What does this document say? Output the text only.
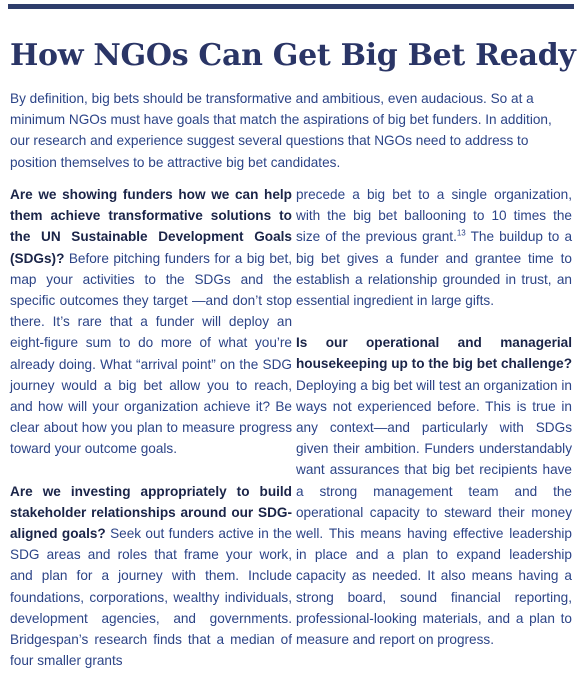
How NGOs Can Get Big Bet Ready

By definition, big bets should be transformative and ambitious, even audacious. So at a minimum NGOs must have goals that match the aspirations of big bet funders. In addition, our research and experience suggest several questions that NGOs need to address to position themselves to be attractive big bet candidates.

Are we showing funders how we can help them achieve transformative solutions to the UN Sustainable Development Goals (SDGs)? Before pitching funders for a big bet, map your activities to the SDGs and the specific outcomes they target —and don’t stop there. It’s rare that a funder will deploy an eight-figure sum to do more of what you’re already doing. What “arrival point” on the SDG journey would a big bet allow you to reach, and how will your organization achieve it? Be clear about how you plan to measure progress toward your outcome goals.

Are we investing appropriately to build stakeholder relationships around our SDG-aligned goals? Seek out funders active in the SDG areas and roles that frame your work, and plan for a journey with them. Include foundations, corporations, wealthy individuals, development agencies, and governments. Bridgespan’s research finds that a median of four smaller grants

precede a big bet to a single organization, with the big bet ballooning to 10 times the size of the previous grant.$^{13}$ The buildup to a big bet gives a funder and grantee time to establish a relationship grounded in trust, an essential ingredient in large gifts.

Is our operational and managerial housekeeping up to the big bet challenge? Deploying a big bet will test an organization in ways not experienced before. This is true in any context—and particularly with SDGs given their ambition. Funders understandably want assurances that big bet recipients have a strong management team and the operational capacity to steward their money well. This means having effective leadership in place and a plan to expand leadership capacity as needed. It also means having a strong board, sound financial reporting, professional-looking materials, and a plan to measure and report on progress.
